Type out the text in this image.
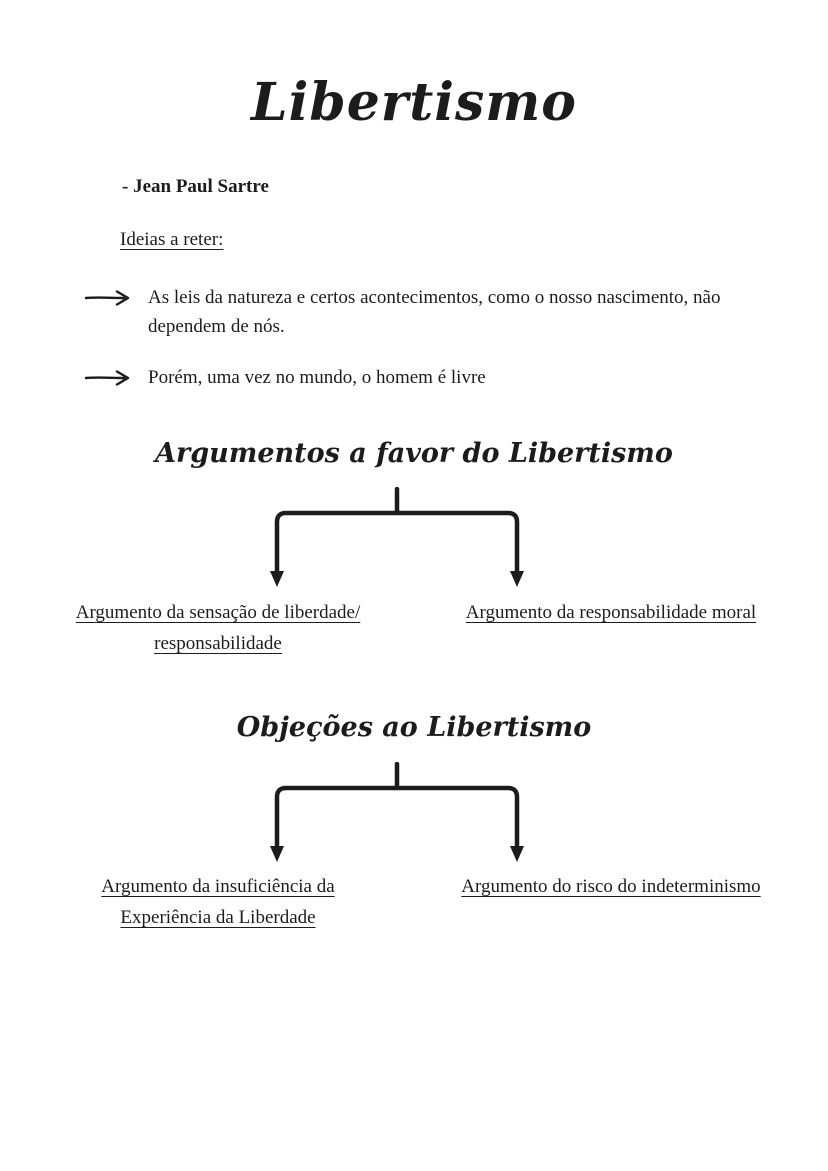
Libertismo

- Jean Paul Sartre

Ideias a reter:

As leis da natureza e certos acontecimentos, como o nosso nascimento, não dependem de nós.

Porém, uma vez no mundo, o homem é livre

Argumentos a favor do Libertismo

Argumento da sensação de liberdade/ responsabilidade

Argumento da responsabilidade moral

Objeções ao Libertismo

Argumento da insuficiência da Experiência da Liberdade

Argumento do risco do indeterminismo
